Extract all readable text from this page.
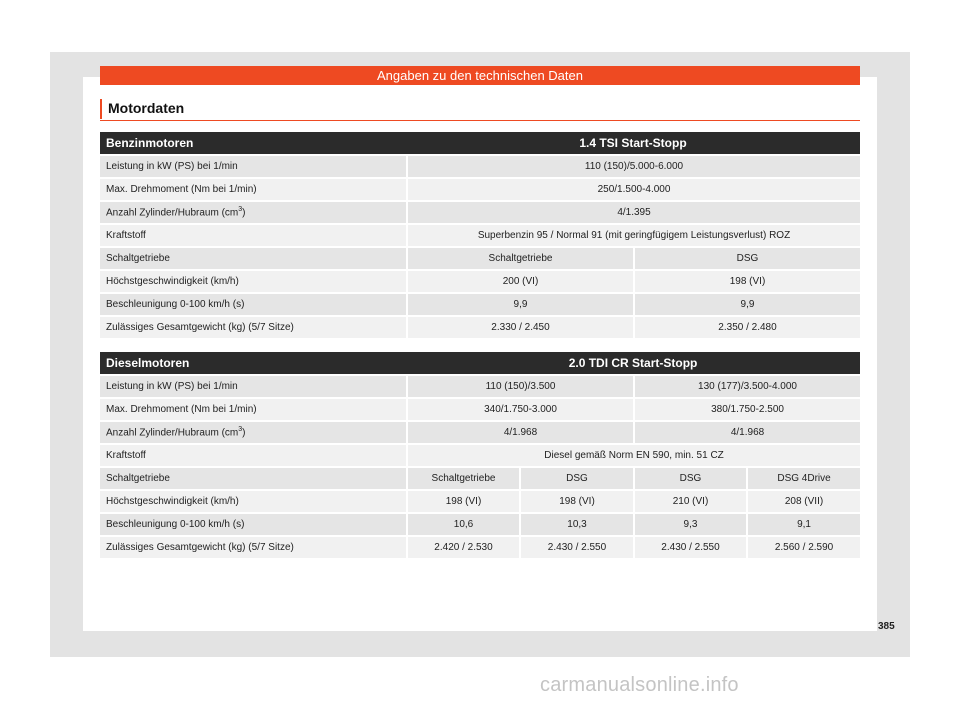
Angaben zu den technischen Daten
Motordaten
Benzinmotoren	1.4 TSI Start-Stopp	
Leistung in kW (PS) bei 1/min	110 (150)/5.000-6.000	
Max. Drehmoment (Nm bei 1/min)	250/1.500-4.000	
Anzahl Zylinder/Hubraum $(cm^3)$	4/1.395	
Kraftstoff	Superbenzin 95 / Normal 91 (mit geringfügigem Leistungsverlust) ROZ	
Schaltgetriebe	Schaltgetriebe	DSG
Höchstgeschwindigkeit (km/h)	200 (VI)	198 (VI)
Beschleunigung 0-100 km/h (s)	9,9	9,9
Zulässiges Gesamtgewicht (kg) (5/7 Sitze)	2.330 / 2.450	2.350 / 2.480
Dieselmotoren	2.0 TDI CR Start-Stopp			
Leistung in kW (PS) bei 1/min	110 (150)/3.500		130 (177)/3.500-4.000	
Max. Drehmoment (Nm bei 1/min)	340/1.750-3.000		380/1.750-2.500	
Anzahl Zylinder/Hubraum $(cm^3)$	4/1.968		4/1.968	
Kraftstoff	Diesel gemäß Norm EN 590, min. 51 CZ			
Schaltgetriebe	Schaltgetriebe	DSG	DSG	DSG 4Drive
Höchstgeschwindigkeit (km/h)	198 (VI)	198 (VI)	210 (VI)	208 (VII)
Beschleunigung 0-100 km/h (s)	10,6	10,3	9,3	9,1
Zulässiges Gesamtgewicht (kg) (5/7 Sitze)	2.420 / 2.530	2.430 / 2.550	2.430 / 2.550	2.560 / 2.590
385
carmanualsonline.info
